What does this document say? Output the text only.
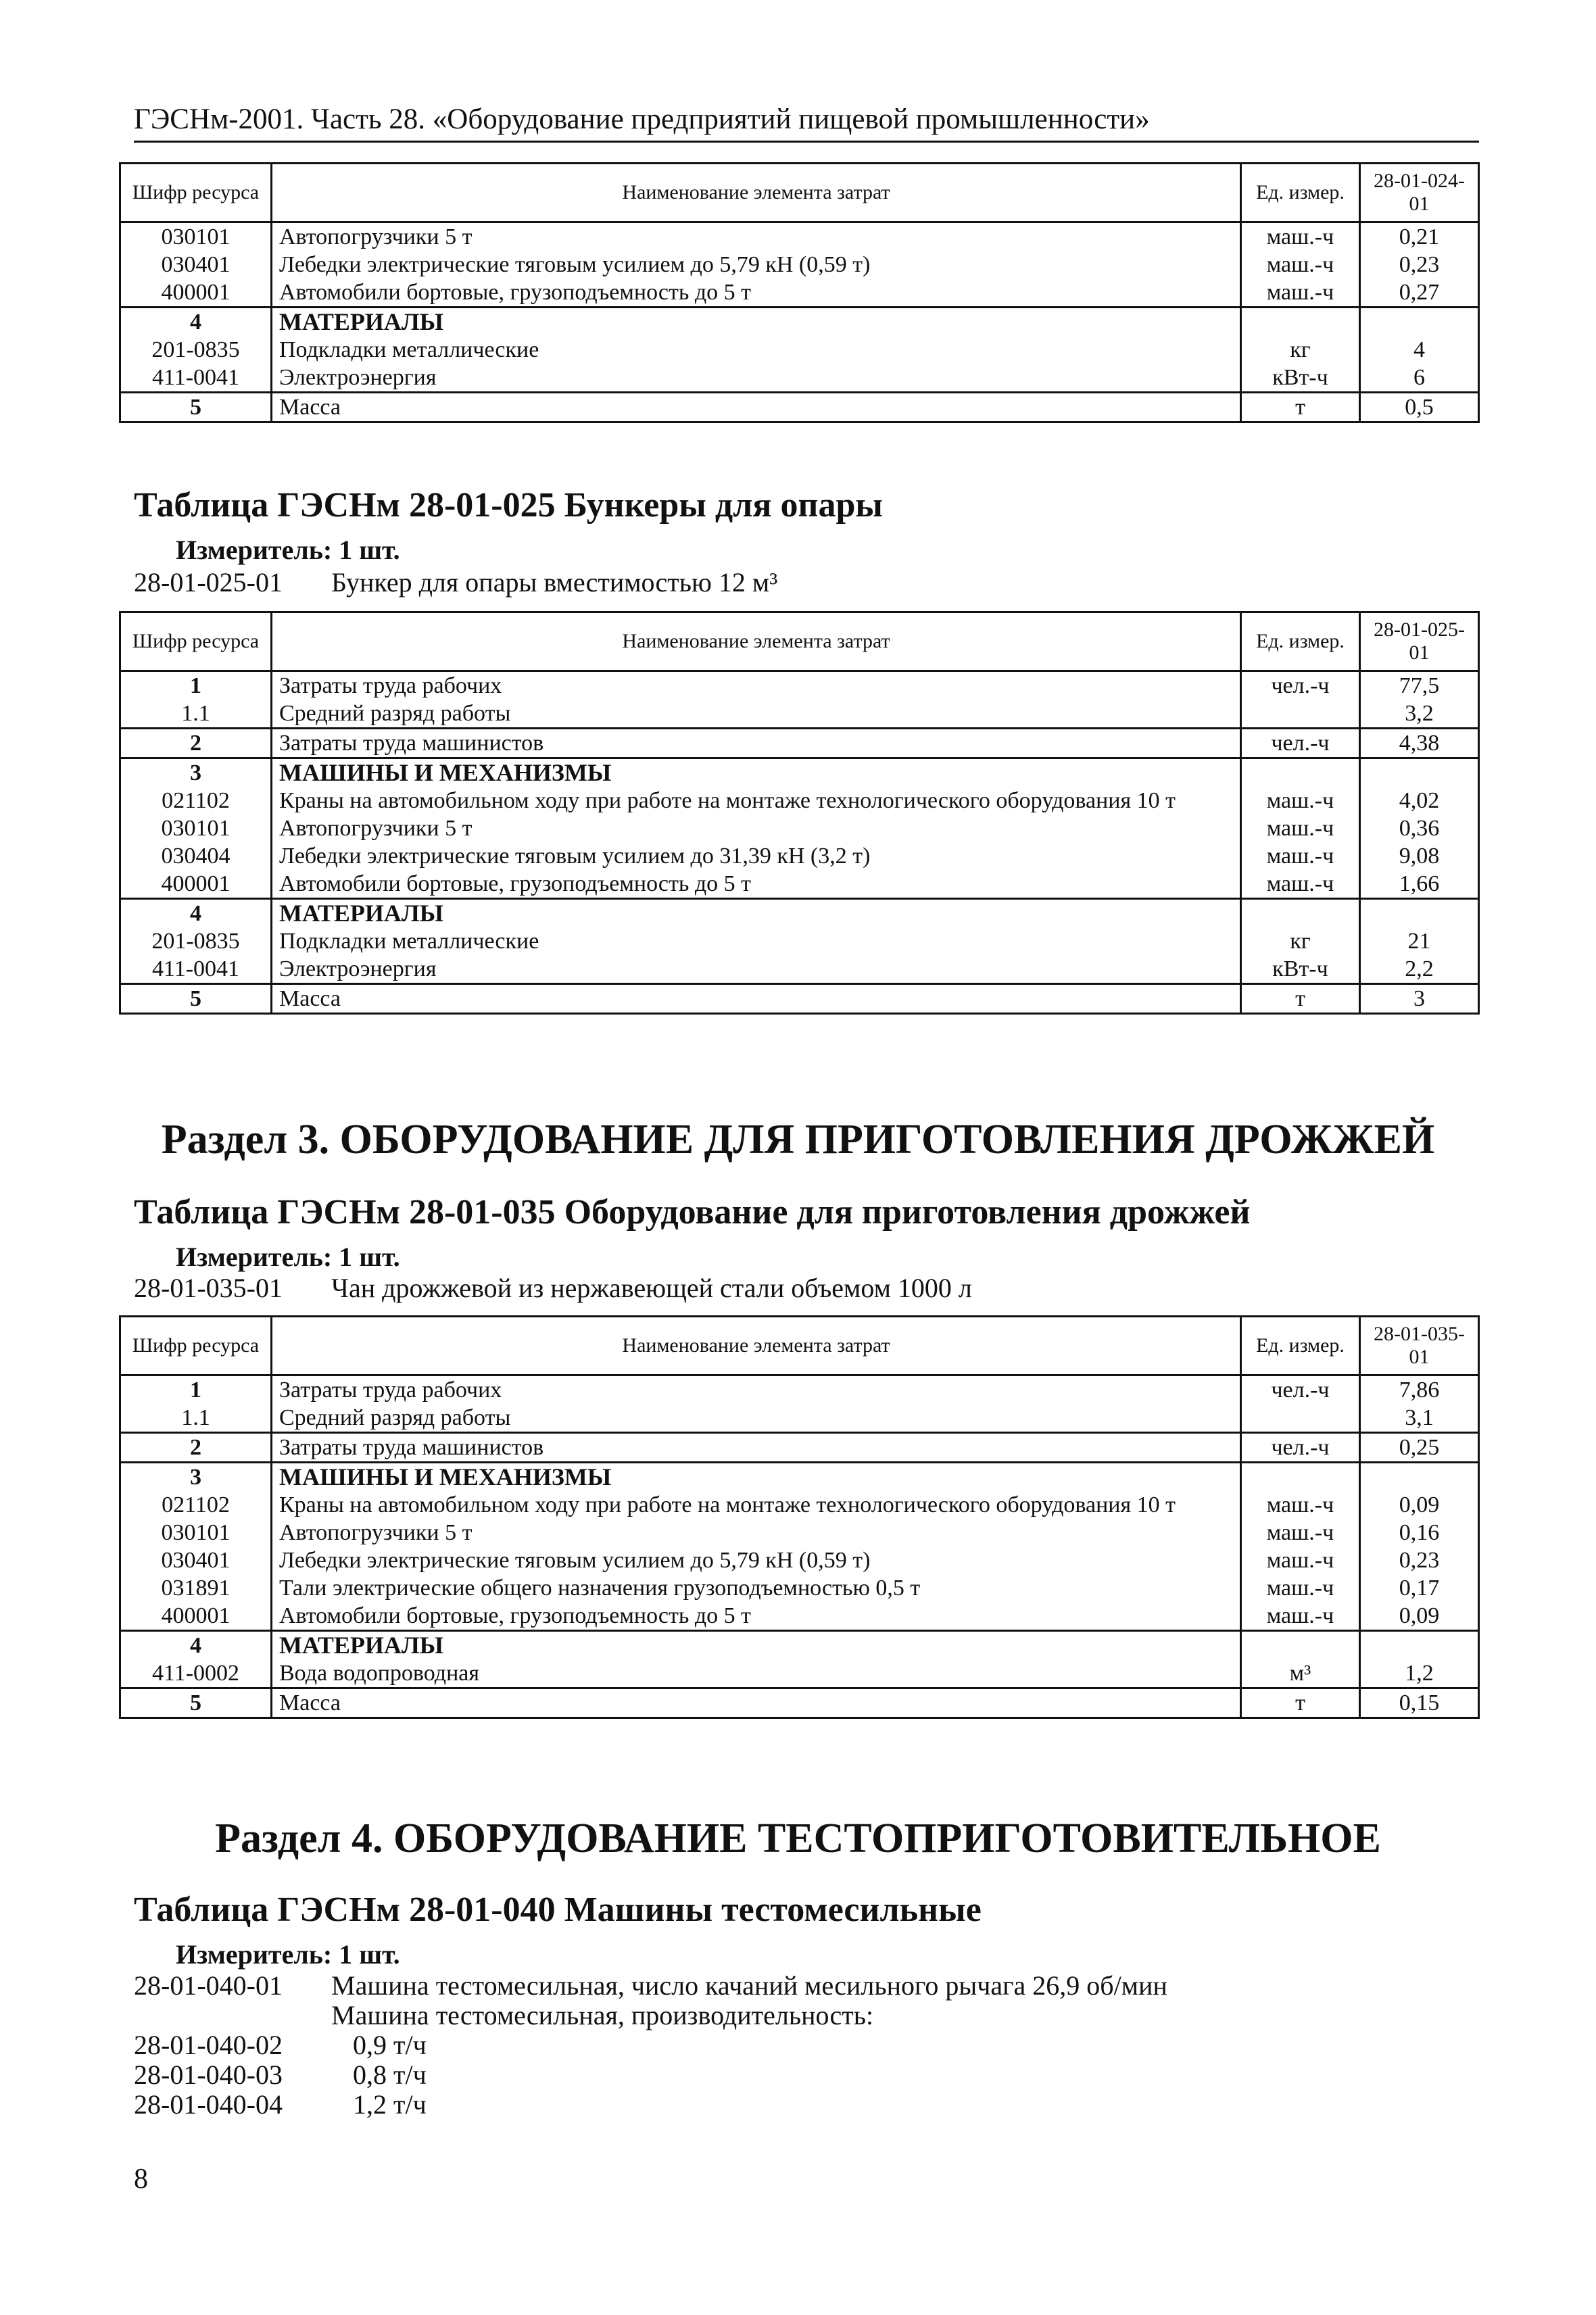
ГЭСНм-2001. Часть 28. «Оборудование предприятий пищевой промышленности»
Шифр ресурса	Наименование элемента затрат	Ед. измер.	28-01-024-01
030101	Автопогрузчики 5 т	маш.-ч	0,21
030401	Лебедки электрические тяговым усилием до 5,79 кН (0,59 т)	маш.-ч	0,23
400001	Автомобили бортовые, грузоподъемность до 5 т	маш.-ч	0,27
4	МАТЕРИАЛЫ		
201-0835	Подкладки металлические	кг	4
411-0041	Электроэнергия	кВт-ч	6
5	Масса	т	0,5
Таблица ГЭСНм 28-01-025 Бункеры для опары
Измеритель: 1 шт.
28-01-025-01 Бункер для опары вместимостью 12 м³
Шифр ресурса	Наименование элемента затрат	Ед. измер.	28-01-025-01
1	Затраты труда рабочих	чел.-ч	77,5
1.1	Средний разряд работы		3,2
2	Затраты труда машинистов	чел.-ч	4,38
3	МАШИНЫ И МЕХАНИЗМЫ		
021102	Краны на автомобильном ходу при работе на монтаже технологического оборудования 10 т	маш.-ч	4,02
030101	Автопогрузчики 5 т	маш.-ч	0,36
030404	Лебедки электрические тяговым усилием до 31,39 кН (3,2 т)	маш.-ч	9,08
400001	Автомобили бортовые, грузоподъемность до 5 т	маш.-ч	1,66
4	МАТЕРИАЛЫ		
201-0835	Подкладки металлические	кг	21
411-0041	Электроэнергия	кВт-ч	2,2
5	Масса	т	3
Раздел 3. ОБОРУДОВАНИЕ ДЛЯ ПРИГОТОВЛЕНИЯ ДРОЖЖЕЙ
Таблица ГЭСНм 28-01-035 Оборудование для приготовления дрожжей
Измеритель: 1 шт.
28-01-035-01 Чан дрожжевой из нержавеющей стали объемом 1000 л
Шифр ресурса	Наименование элемента затрат	Ед. измер.	28-01-035-01
1	Затраты труда рабочих	чел.-ч	7,86
1.1	Средний разряд работы		3,1
2	Затраты труда машинистов	чел.-ч	0,25
3	МАШИНЫ И МЕХАНИЗМЫ		
021102	Краны на автомобильном ходу при работе на монтаже технологического оборудования 10 т	маш.-ч	0,09
030101	Автопогрузчики 5 т	маш.-ч	0,16
030401	Лебедки электрические тяговым усилием до 5,79 кН (0,59 т)	маш.-ч	0,23
031891	Тали электрические общего назначения грузоподъемностью 0,5 т	маш.-ч	0,17
400001	Автомобили бортовые, грузоподъемность до 5 т	маш.-ч	0,09
4	МАТЕРИАЛЫ		
411-0002	Вода водопроводная	м³	1,2
5	Масса	т	0,15
Раздел 4. ОБОРУДОВАНИЕ ТЕСТОПРИГОТОВИТЕЛЬНОЕ
Таблица ГЭСНм 28-01-040 Машины тестомесильные
Измеритель: 1 шт.
28-01-040-01 Машина тестомесильная, число качаний месильного рычага 26,9 об/мин
Машина тестомесильная, производительность:
28-01-040-02	0,9 т/ч
28-01-040-03	0,8 т/ч
28-01-040-04	1,2 т/ч
8
